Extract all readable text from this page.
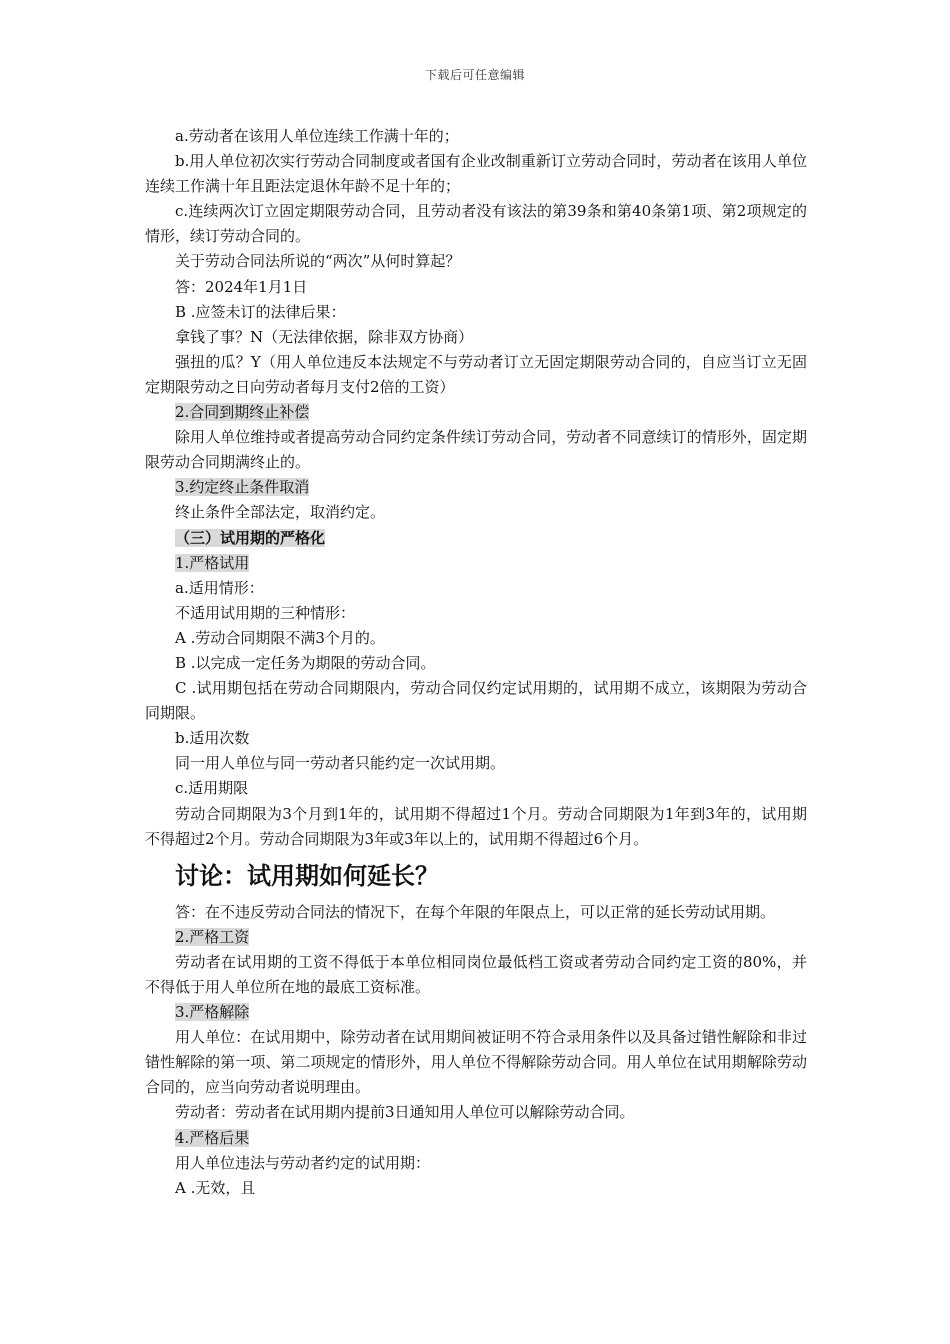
下载后可任意编辑

a.劳动者在该用人单位连续工作满十年的；

b.用人单位初次实行劳动合同制度或者国有企业改制重新订立劳动合同时，劳动者在该用人单位连续工作满十年且距法定退休年龄不足十年的；

c.连续两次订立固定期限劳动合同，且劳动者没有该法的第39条和第40条第1项、第2项规定的情形，续订劳动合同的。

关于劳动合同法所说的“两次”从何时算起？

答：2024年1月1日

B .应签未订的法律后果：

拿钱了事？N（无法律依据，除非双方协商）

强扭的瓜？Y（用人单位违反本法规定不与劳动者订立无固定期限劳动合同的，自应当订立无固定期限劳动之日向劳动者每月支付2倍的工资）

2.合同到期终止补偿

除用人单位维持或者提高劳动合同约定条件续订劳动合同，劳动者不同意续订的情形外，固定期限劳动合同期满终止的。

3.约定终止条件取消

终止条件全部法定，取消约定。

（三）试用期的严格化

1.严格试用

a.适用情形：

不适用试用期的三种情形：

A .劳动合同期限不满3个月的。

B .以完成一定任务为期限的劳动合同。

C .试用期包括在劳动合同期限内，劳动合同仅约定试用期的，试用期不成立，该期限为劳动合同期限。

b.适用次数

同一用人单位与同一劳动者只能约定一次试用期。

c.适用期限

劳动合同期限为3个月到1年的，试用期不得超过1个月。劳动合同期限为1年到3年的，试用期不得超过2个月。劳动合同期限为3年或3年以上的，试用期不得超过6个月。

讨论：试用期如何延长？

答：在不违反劳动合同法的情况下，在每个年限的年限点上，可以正常的延长劳动试用期。

2.严格工资

劳动者在试用期的工资不得低于本单位相同岗位最低档工资或者劳动合同约定工资的80%，并不得低于用人单位所在地的最底工资标准。

3.严格解除

用人单位：在试用期中，除劳动者在试用期间被证明不符合录用条件以及具备过错性解除和非过错性解除的第一项、第二项规定的情形外，用人单位不得解除劳动合同。用人单位在试用期解除劳动合同的，应当向劳动者说明理由。

劳动者：劳动者在试用期内提前3日通知用人单位可以解除劳动合同。

4.严格后果

用人单位违法与劳动者约定的试用期：

A .无效，且
